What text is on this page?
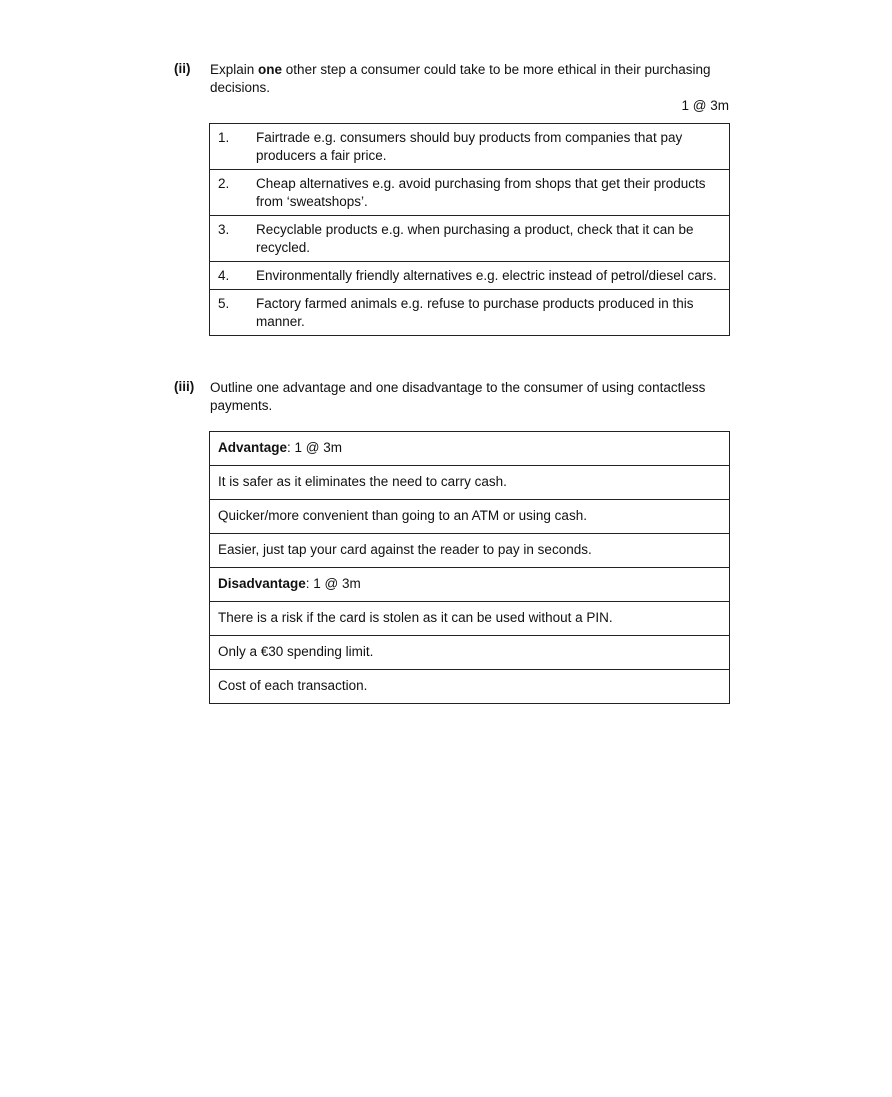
(ii) Explain one other step a consumer could take to be more ethical in their purchasing decisions.
1 @ 3m
1.	Fairtrade e.g. consumers should buy products from companies that pay producers a fair price.
2.	Cheap alternatives e.g. avoid purchasing from shops that get their products from ‘sweatshops’.
3.	Recyclable products e.g. when purchasing a product, check that it can be recycled.
4.	Environmentally friendly alternatives e.g. electric instead of petrol/diesel cars.
5.	Factory farmed animals e.g. refuse to purchase products produced in this manner.
(iii) Outline one advantage and one disadvantage to the consumer of using contactless payments.
Advantage: 1 @ 3m
It is safer as it eliminates the need to carry cash.
Quicker/more convenient than going to an ATM or using cash.
Easier, just tap your card against the reader to pay in seconds.
Disadvantage: 1 @ 3m
There is a risk if the card is stolen as it can be used without a PIN.
Only a €30 spending limit.
Cost of each transaction.
